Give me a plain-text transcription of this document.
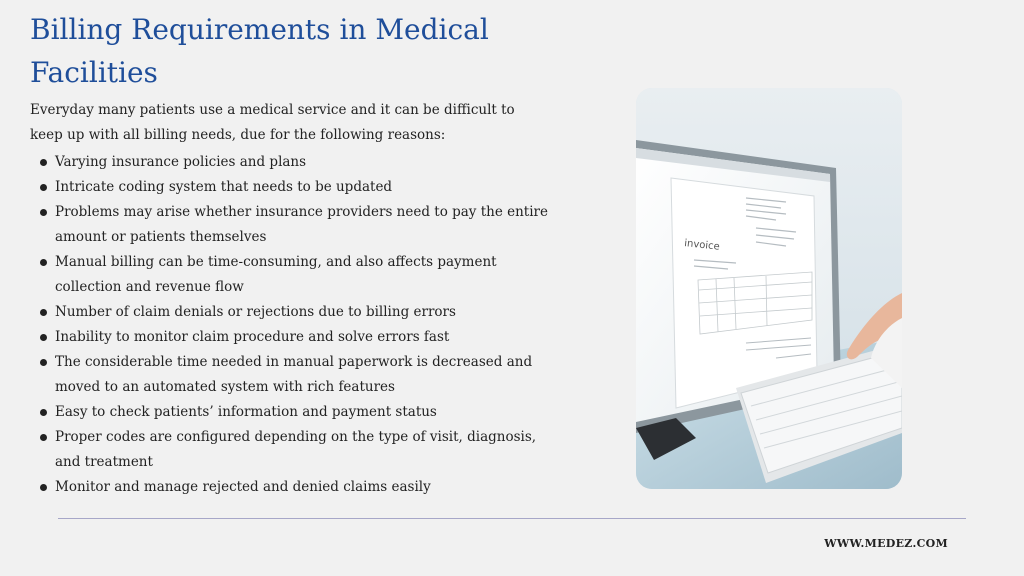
Billing Requirements in Medical Facilities

Everyday many patients use a medical service and it can be difficult to keep up with all billing needs, due for the following reasons:

Varying insurance policies and plans
Intricate coding system that needs to be updated
Problems may arise whether insurance providers need to pay the entire amount or patients themselves
Manual billing can be time-consuming, and also affects payment collection and revenue flow
Number of claim denials or rejections due to billing errors
Inability to monitor claim procedure and solve errors fast
The considerable time needed in manual paperwork is decreased and moved to an automated system with rich features
Easy to check patients’ information and payment status
Proper codes are configured depending on the type of visit, diagnosis, and treatment
Monitor and manage rejected and denied claims easily
invoice
WWW.MEDEZ.COM
